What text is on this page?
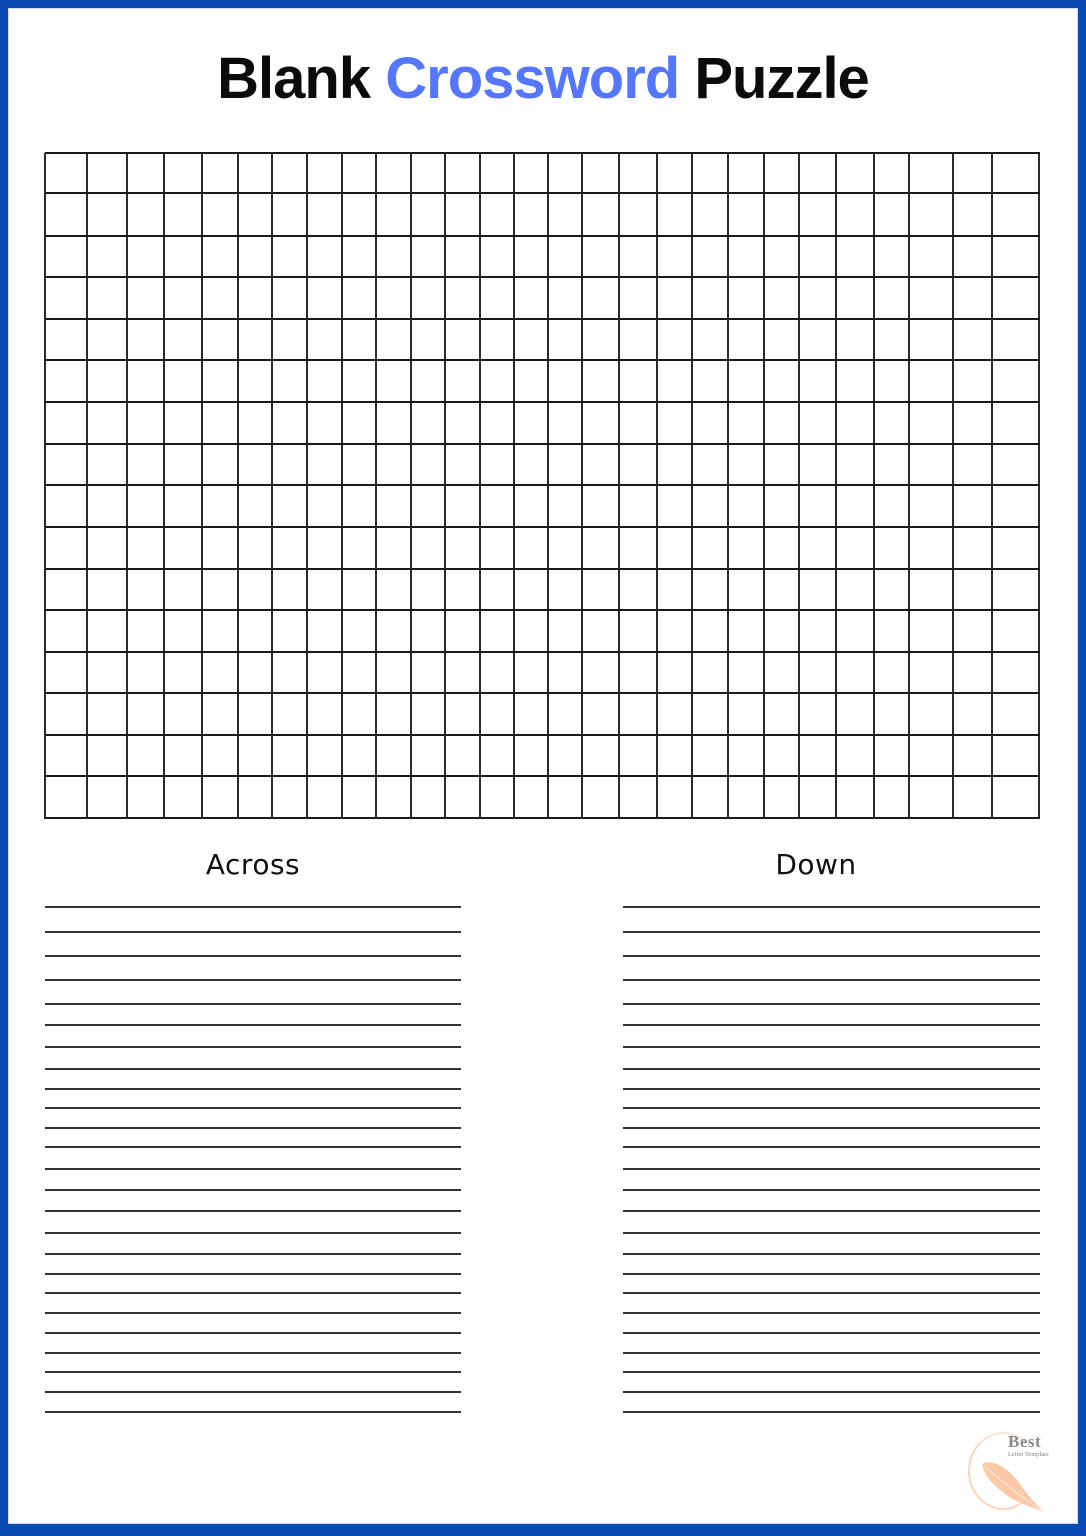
Blank Crossword Puzzle
Across	Down
Best
Letter Template
